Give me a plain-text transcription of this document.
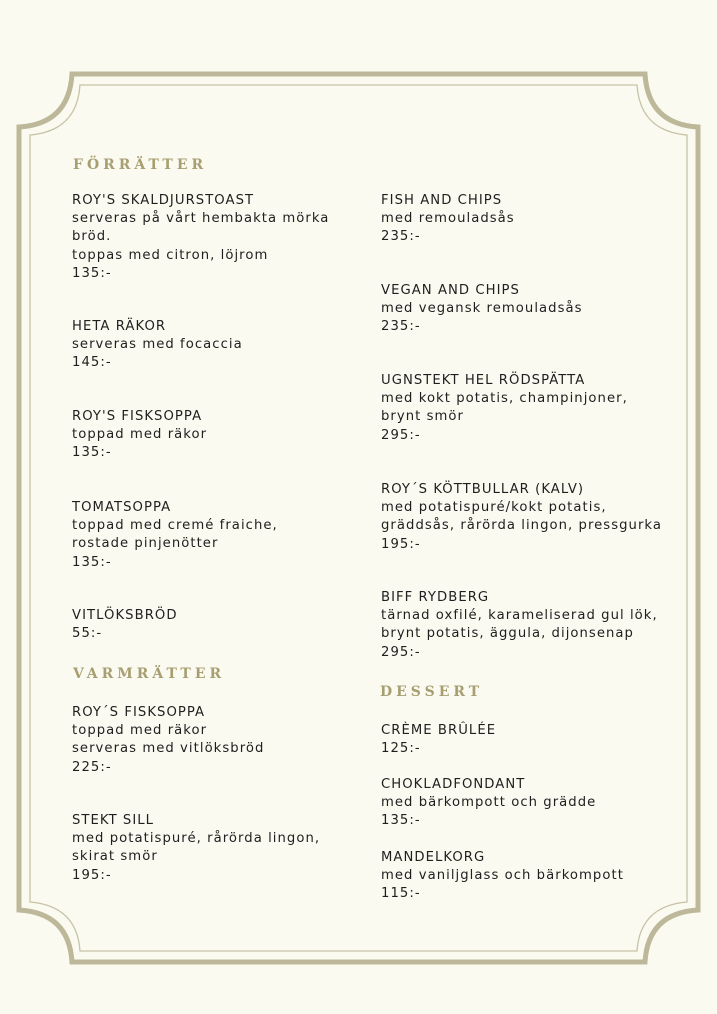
FÖRRÄTTER
ROY'S SKALDJURSTOAST
serveras på vårt hembakta mörka
bröd.
toppas med citron, löjrom
135:-
HETA RÄKOR
serveras med focaccia
145:-
ROY'S FISKSOPPA
toppad med räkor
135:-
TOMATSOPPA
toppad med cremé fraiche,
rostade pinjenötter
135:-
VITLÖKSBRÖD
55:-
VARMRÄTTER
ROY´S FISKSOPPA
toppad med räkor
serveras med vitlöksbröd
225:-
STEKT SILL
med potatispuré, rårörda lingon,
skirat smör
195:-
FISH AND CHIPS
med remouladsås
235:-
VEGAN AND CHIPS
med vegansk remouladsås
235:-
UGNSTEKT HEL RÖDSPÄTTA
med kokt potatis, champinjoner,
brynt smör
295:-
ROY´S KÖTTBULLAR (KALV)
med potatispuré/kokt potatis,
gräddsås, rårörda lingon, pressgurka
195:-
BIFF RYDBERG
tärnad oxfilé, karameliserad gul lök,
brynt potatis, äggula, dijonsenap
295:-
DESSERT
CRÈME BRÛLÉE
125:-
CHOKLADFONDANT
med bärkompott och grädde
135:-
MANDELKORG
med vaniljglass och bärkompott
115:-
